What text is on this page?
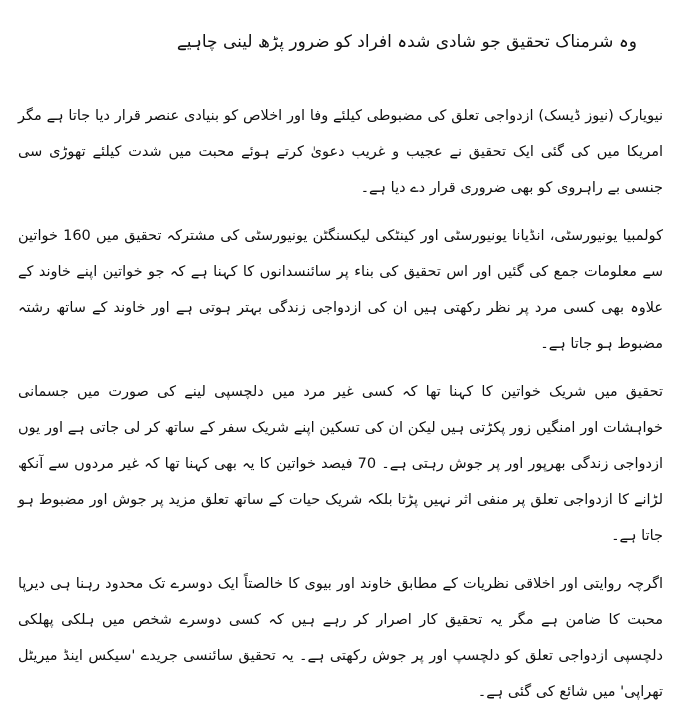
وہ شرمناک تحقیق جو شادی شدہ افراد کو ضرور پڑھ لینی چاہیے

نیویارک (نیوز ڈیسک) ازدواجی تعلق کی مضبوطی کیلئے وفا اور اخلاص کو بنیادی عنصر قرار دیا جاتا ہے مگر امریکا میں کی گئی ایک تحقیق نے عجیب و غریب دعویٰ کرتے ہوئے محبت میں شدت کیلئے تھوڑی سی جنسی بے راہروی کو بھی ضروری قرار دے دیا ہے۔

کولمبیا یونیورسٹی، انڈیانا یونیورسٹی اور کینٹکی لیکسنگٹن یونیورسٹی کی مشترکہ تحقیق میں 160 خواتین سے معلومات جمع کی گئیں اور اس تحقیق کی بناء پر سائنسدانوں کا کہنا ہے کہ جو خواتین اپنے خاوند کے علاوہ بھی کسی مرد پر نظر رکھتی ہیں ان کی ازدواجی زندگی بہتر ہوتی ہے اور خاوند کے ساتھ رشتہ مضبوط ہو جاتا ہے۔

تحقیق میں شریک خواتین کا کہنا تھا کہ کسی غیر مرد میں دلچسپی لینے کی صورت میں جسمانی خواہشات اور امنگیں زور پکڑتی ہیں لیکن ان کی تسکین اپنے شریک سفر کے ساتھ کر لی جاتی ہے اور یوں ازدواجی زندگی بھرپور اور پر جوش رہتی ہے۔ 70 فیصد خواتین کا یہ بھی کہنا تھا کہ غیر مردوں سے آنکھ لڑانے کا ازدواجی تعلق پر منفی اثر نہیں پڑتا بلکہ شریک حیات کے ساتھ تعلق مزید پر جوش اور مضبوط ہو جاتا ہے۔

اگرچہ روایتی اور اخلاقی نظریات کے مطابق خاوند اور بیوی کا خالصتاً ایک دوسرے تک محدود رہنا ہی دیرپا محبت کا ضامن ہے مگر یہ تحقیق کار اصرار کر رہے ہیں کہ کسی دوسرے شخص میں ہلکی پھلکی دلچسپی ازدواجی تعلق کو دلچسپ اور پر جوش رکھتی ہے۔ یہ تحقیق سائنسی جریدے 'سیکس اینڈ میریٹل تھراپی' میں شائع کی گئی ہے۔
